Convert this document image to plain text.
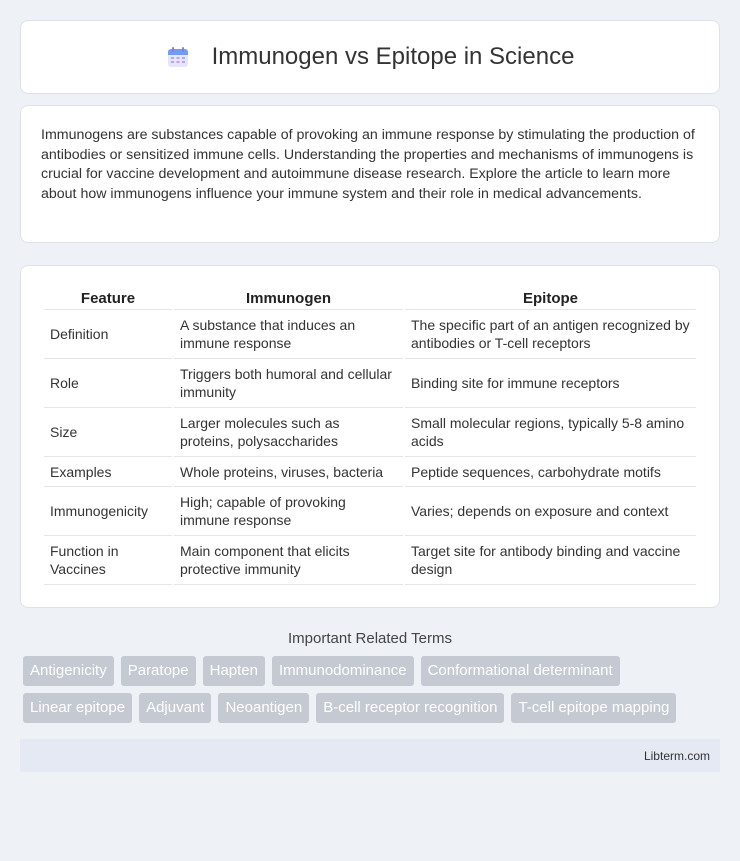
Immunogen vs Epitope in Science

Immunogens are substances capable of provoking an immune response by stimulating the production of antibodies or sensitized immune cells. Understanding the properties and mechanisms of immunogens is crucial for vaccine development and autoimmune disease research. Explore the article to learn more about how immunogens influence your immune system and their role in medical advancements.

Feature	Immunogen	Epitope
Definition	A substance that induces an immune response	The specific part of an antigen recognized by antibodies or T-cell receptors
Role	Triggers both humoral and cellular immunity	Binding site for immune receptors
Size	Larger molecules such as proteins, polysaccharides	Small molecular regions, typically 5-8 amino acids
Examples	Whole proteins, viruses, bacteria	Peptide sequences, carbohydrate motifs
Immunogenicity	High; capable of provoking immune response	Varies; depends on exposure and context
Function in Vaccines	Main component that elicits protective immunity	Target site for antibody binding and vaccine design
Important Related Terms
Antigenicity	Paratope	Hapten	Immunodominance	Conformational determinant
Linear epitope	Adjuvant	Neoantigen	B-cell receptor recognition	T-cell epitope mapping
Libterm.com
